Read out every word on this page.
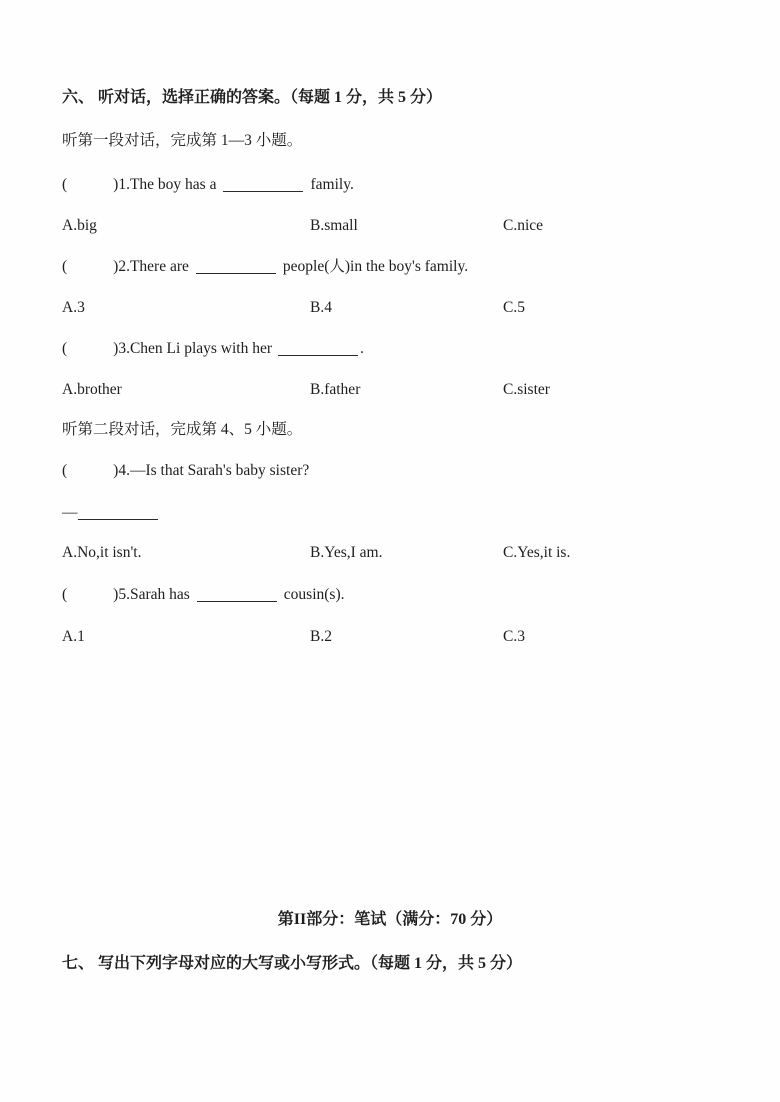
六、 听对话，选择正确的答案。（每题 1 分，共 5 分）
听第一段对话，完成第 1—3 小题。
(	)1.The boy has a	family.
A.big	B.small	C.nice
(	)2.There are	people(人)in the boy's family.
A.3	B.4	C.5
(	)3.Chen Li plays with her	.
A.brother	B.father	C.sister
听第二段对话，完成第 4、5 小题。
(	)4.—Is that Sarah's baby sister?
—
A.No,it isn't.	B.Yes,I am.	C.Yes,it is.
(	)5.Sarah has	cousin(s).
A.1	B.2	C.3
第II部分：笔试（满分：70 分）
七、 写出下列字母对应的大写或小写形式。（每题 1 分，共 5 分）
